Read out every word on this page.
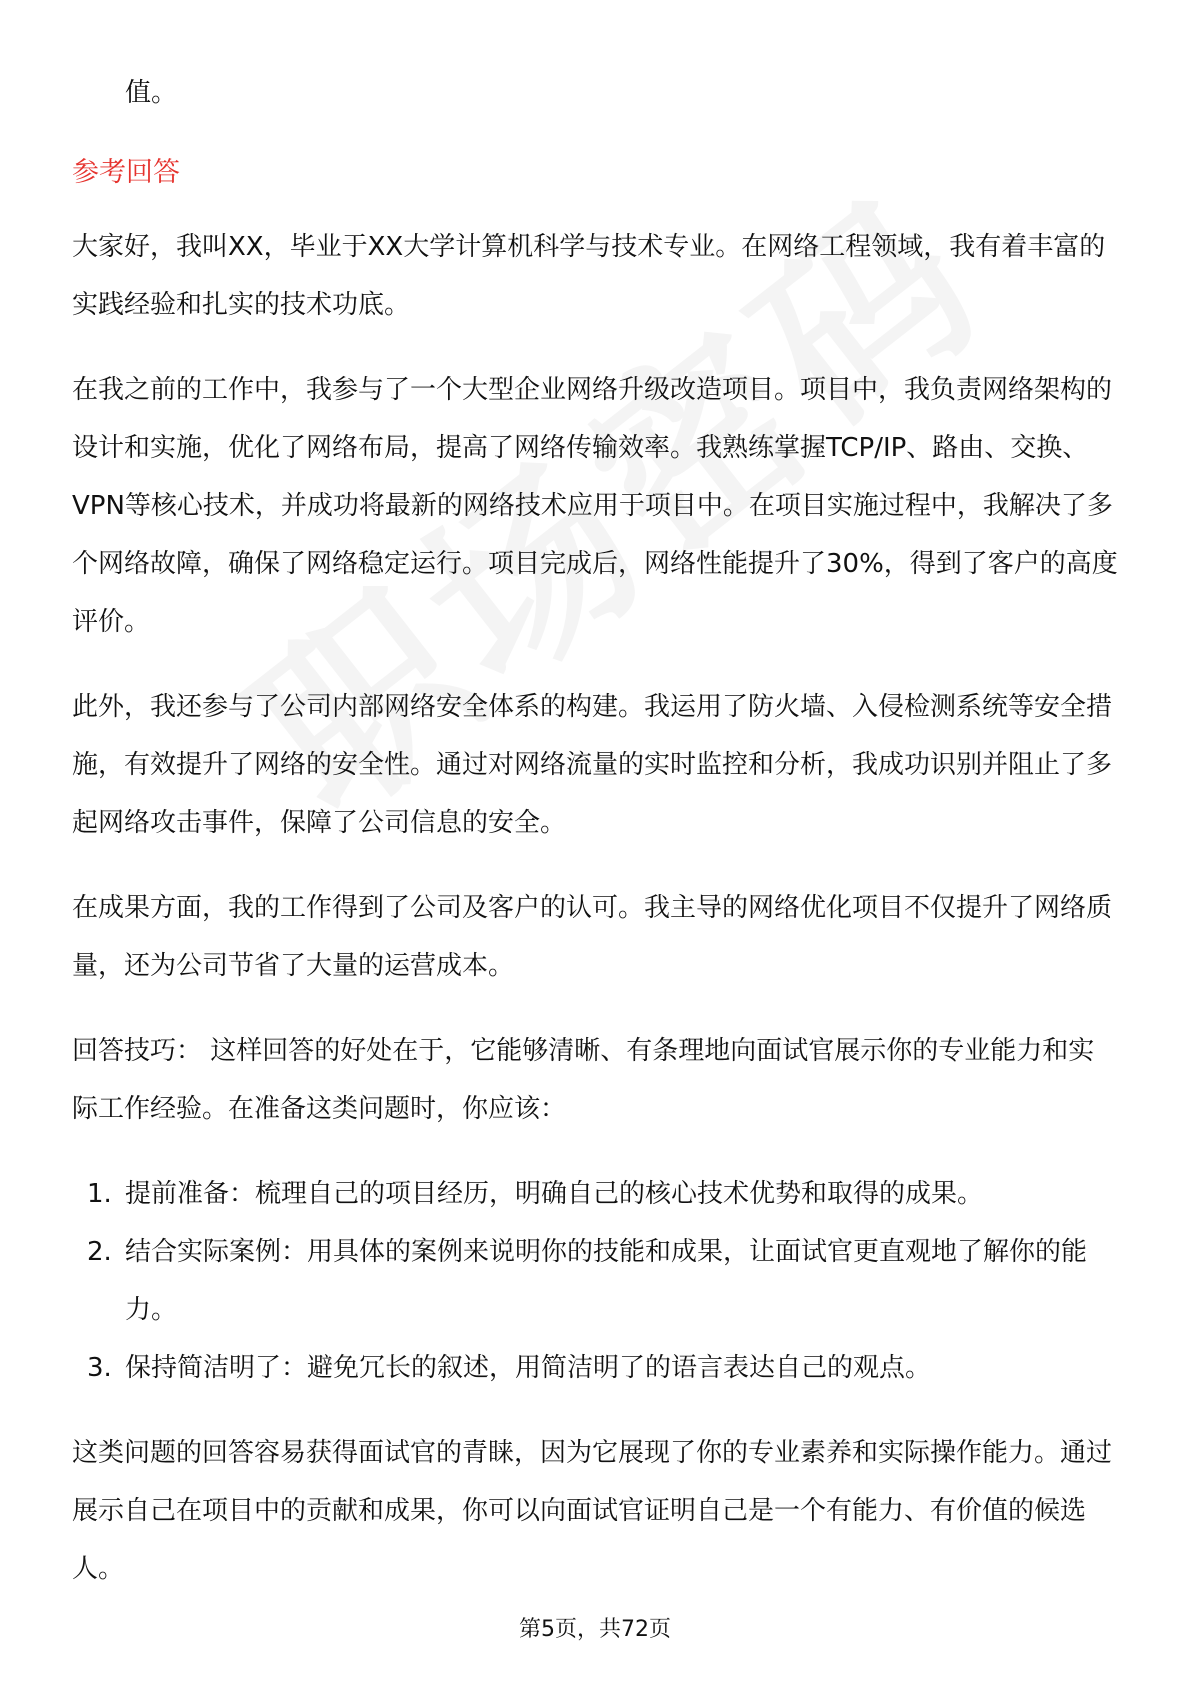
值。

参考回答

大家好，我叫XX，毕业于XX大学计算机科学与技术专业。在网络工程领域，我有着丰富的实践经验和扎实的技术功底。

在我之前的工作中，我参与了一个大型企业网络升级改造项目。项目中，我负责网络架构的设计和实施，优化了网络布局，提高了网络传输效率。我熟练掌握TCP/IP、路由、交换、VPN等核心技术，并成功将最新的网络技术应用于项目中。在项目实施过程中，我解决了多个网络故障，确保了网络稳定运行。项目完成后，网络性能提升了30%，得到了客户的高度评价。

此外，我还参与了公司内部网络安全体系的构建。我运用了防火墙、入侵检测系统等安全措施，有效提升了网络的安全性。通过对网络流量的实时监控和分析，我成功识别并阻止了多起网络攻击事件，保障了公司信息的安全。

在成果方面，我的工作得到了公司及客户的认可。我主导的网络优化项目不仅提升了网络质量，还为公司节省了大量的运营成本。

回答技巧： 这样回答的好处在于，它能够清晰、有条理地向面试官展示你的专业能力和实际工作经验。在准备这类问题时，你应该：

1. 提前准备：梳理自己的项目经历，明确自己的核心技术优势和取得的成果。
2. 结合实际案例：用具体的案例来说明你的技能和成果，让面试官更直观地了解你的能力。
3. 保持简洁明了：避免冗长的叙述，用简洁明了的语言表达自己的观点。

这类问题的回答容易获得面试官的青睐，因为它展现了你的专业素养和实际操作能力。通过展示自己在项目中的贡献和成果，你可以向面试官证明自己是一个有能力、有价值的候选人。

第5页，共72页
